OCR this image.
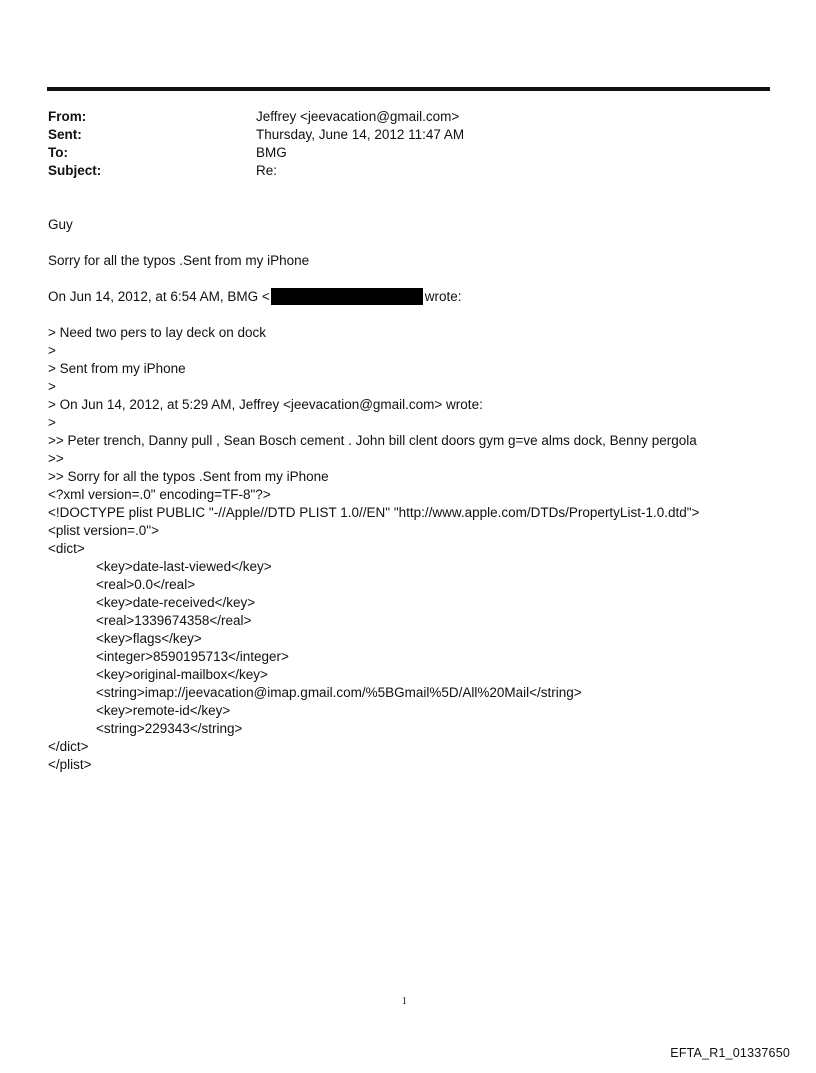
From:	Jeffrey <jeevacation@gmail.com>
Sent:	Thursday, June 14, 2012 11:47 AM
To:	BMG
Subject:	Re:
Guy
Sorry for all the typos .Sent from my iPhone
On Jun 14, 2012, at 6:54 AM, BMG <	wrote:
> Need two pers to lay deck on dock
>
> Sent from my iPhone
>
> On Jun 14, 2012, at 5:29 AM, Jeffrey <jeevacation@gmail.com> wrote:
>
>> Peter trench, Danny pull , Sean Bosch cement . John bill clent doors gym g=ve alms dock, Benny pergola
>>
>> Sorry for all the typos .Sent from my iPhone
<?xml version=.0" encoding=TF-8"?>
<!DOCTYPE plist PUBLIC "-//Apple//DTD PLIST 1.0//EN" "http://www.apple.com/DTDs/PropertyList-1.0.dtd">
<plist version=.0">
<dict>
<key>date-last-viewed</key>
<real>0.0</real>
<key>date-received</key>
<real>1339674358</real>
<key>flags</key>
<integer>8590195713</integer>
<key>original-mailbox</key>
<string>imap://jeevacation@imap.gmail.com/%5BGmail%5D/All%20Mail</string>
<key>remote-id</key>
<string>229343</string>
</dict>
</plist>
1
EFTA_R1_01337650
